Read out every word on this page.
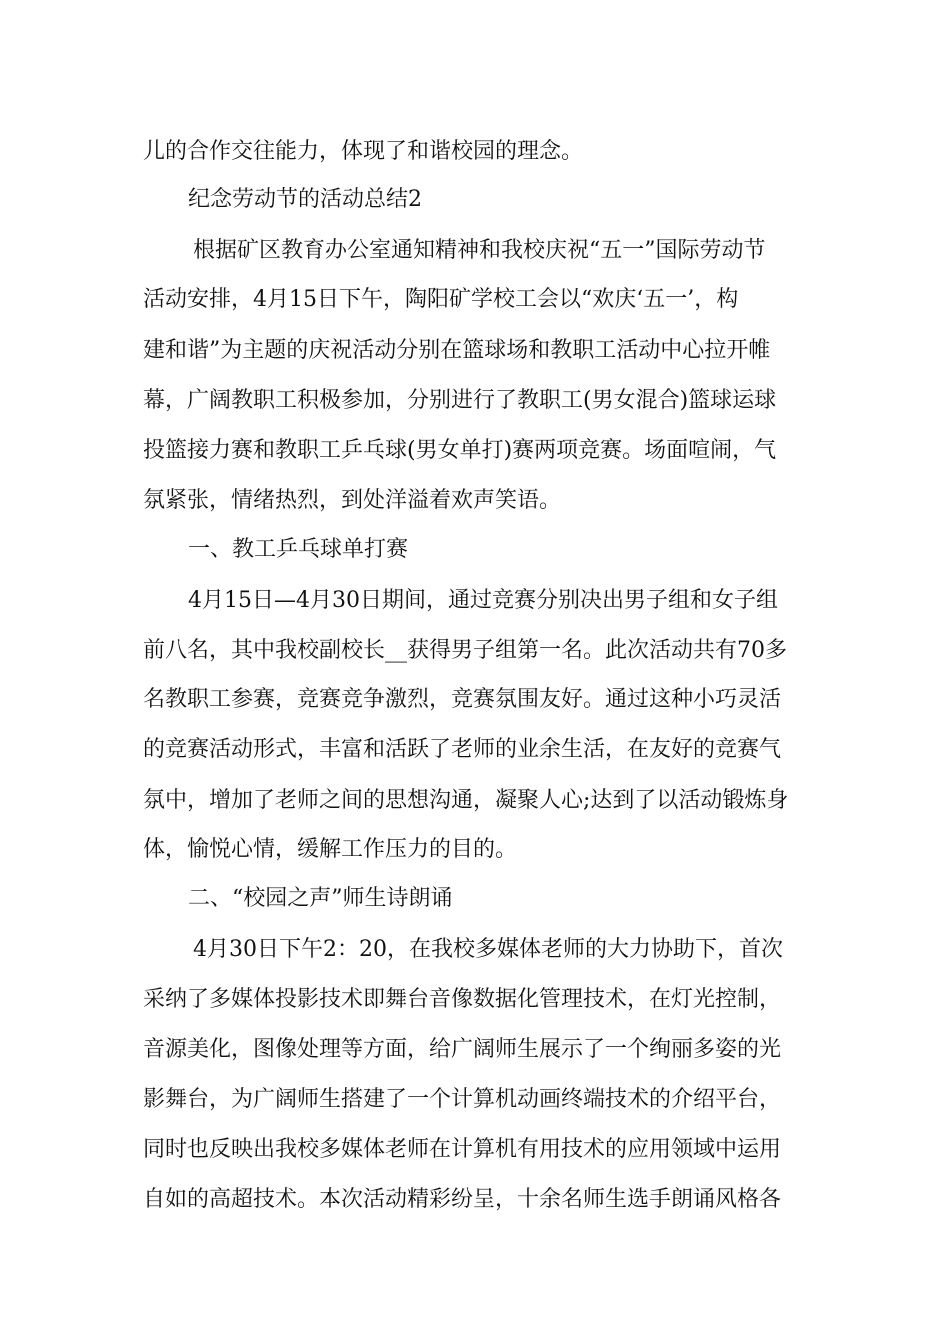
儿的合作交往能力，体现了和谐校园的理念。
纪念劳动节的活动总结2
根据矿区教育办公室通知精神和我校庆祝“五一”国际劳动节
活动安排，4月15日下午，陶阳矿学校工会以“欢庆‘五一’，构
建和谐”为主题的庆祝活动分别在篮球场和教职工活动中心拉开帷
幕，广阔教职工积极参加，分别进行了教职工(男女混合)篮球运球
投篮接力赛和教职工乒乓球(男女单打)赛两项竞赛。场面喧闹，气
氛紧张，情绪热烈，到处洋溢着欢声笑语。
一、教工乒乓球单打赛
4月15日—4月30日期间，通过竞赛分别决出男子组和女子组
前八名，其中我校副校长__获得男子组第一名。此次活动共有70多
名教职工参赛，竞赛竞争激烈，竞赛氛围友好。通过这种小巧灵活
的竞赛活动形式，丰富和活跃了老师的业余生活，在友好的竞赛气
氛中，增加了老师之间的思想沟通，凝聚人心;达到了以活动锻炼身
体，愉悦心情，缓解工作压力的目的。
二、“校园之声”师生诗朗诵
4月30日下午2：20，在我校多媒体老师的大力协助下，首次
采纳了多媒体投影技术即舞台音像数据化管理技术，在灯光控制，
音源美化，图像处理等方面，给广阔师生展示了一个绚丽多姿的光
影舞台，为广阔师生搭建了一个计算机动画终端技术的介绍平台，
同时也反映出我校多媒体老师在计算机有用技术的应用领域中运用
自如的高超技术。本次活动精彩纷呈，十余名师生选手朗诵风格各
